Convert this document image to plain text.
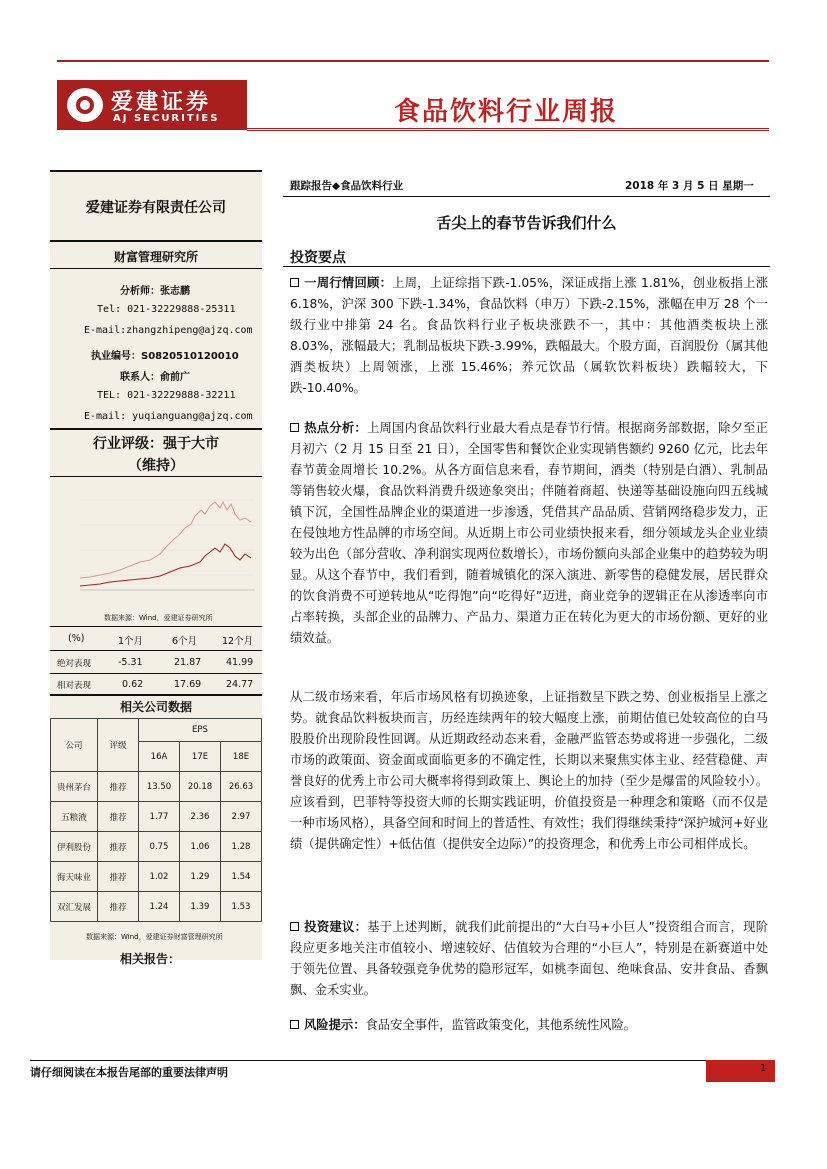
爱建证券
AJ SECURITIES	食品饮料行业周报
爱建证券有限责任公司
财富管理研究所
分析师：张志鹏
Tel: 021-32229888-25311
E-mail:zhangzhipeng@ajzq.com
执业编号：S0820510120010
联系人：俞前广
TEL: 021-32229888-32211
E-mail: yuqianguang@ajzq.com
行业评级：强于大市
（维持）
数据来源：Wind，爱建证券研究所
(%)	1个月	6个月	12个月
绝对表现	-5.31	21.87	41.99
相对表现	0.62	17.69	24.77
相关公司数据
公司	评级	EPS		
		16A	17E	18E
贵州茅台	推荐	13.50	20.18	26.63
五粮液	推荐	1.77	2.36	2.97
伊利股份	推荐	0.75	1.06	1.28
海天味业	推荐	1.02	1.29	1.54
双汇发展	推荐	1.24	1.39	1.53
数据来源：Wind，爱建证券财富管理研究所
相关报告：
跟踪报告◆食品饮料行业	2018 年 3 月 5 日 星期一
舌尖上的春节告诉我们什么
投资要点
一周行情回顾：上周，上证综指下跌-1.05%，深证成指上涨 1.81%，创业板指上涨 6.18%，沪深 300 下跌-1.34%，食品饮料（申万）下跌-2.15%，涨幅在申万 28 个一级行业中排第 24 名。食品饮料行业子板块涨跌不一，其中：其他酒类板块上涨 8.03%，涨幅最大；乳制品板块下跌-3.99%，跌幅最大。个股方面，百润股份（属其他酒类板块）上周领涨，上涨 15.46%；养元饮品（属软饮料板块）跌幅较大，下跌-10.40%。
热点分析：上周国内食品饮料行业最大看点是春节行情。根据商务部数据，除夕至正月初六（2 月 15 日至 21 日），全国零售和餐饮企业实现销售额约 9260 亿元，比去年春节黄金周增长 10.2%。从各方面信息来看，春节期间，酒类（特别是白酒）、乳制品等销售较火爆，食品饮料消费升级迹象突出；伴随着商超、快递等基础设施向四五线城镇下沉，全国性品牌企业的渠道进一步渗透，凭借其产品品质、营销网络稳步发力，正在侵蚀地方性品牌的市场空间。从近期上市公司业绩快报来看，细分领域龙头企业业绩较为出色（部分营收、净利润实现两位数增长），市场份额向头部企业集中的趋势较为明显。从这个春节中，我们看到，随着城镇化的深入演进、新零售的稳健发展，居民群众的饮食消费不可逆转地从“吃得饱”向“吃得好”迈进，商业竞争的逻辑正在从渗透率向市占率转换，头部企业的品牌力、产品力、渠道力正在转化为更大的市场份额、更好的业绩效益。
从二级市场来看，年后市场风格有切换迹象，上证指数呈下跌之势、创业板指呈上涨之势。就食品饮料板块而言，历经连续两年的较大幅度上涨，前期估值已处较高位的白马股股价出现阶段性回调。从近期政经动态来看，金融严监管态势或将进一步强化，二级市场的政策面、资金面或面临更多的不确定性，长期以来聚焦实体主业、经营稳健、声誉良好的优秀上市公司大概率将得到政策上、舆论上的加持（至少是爆雷的风险较小）。应该看到，巴菲特等投资大师的长期实践证明，价值投资是一种理念和策略（而不仅是一种市场风格），具备空间和时间上的普适性、有效性；我们得继续秉持“深护城河+好业绩（提供确定性）+低估值（提供安全边际）”的投资理念，和优秀上市公司相伴成长。
投资建议：基于上述判断，就我们此前提出的“大白马+小巨人”投资组合而言，现阶段应更多地关注市值较小、增速较好、估值较为合理的“小巨人”，特别是在新赛道中处于领先位置、具备较强竞争优势的隐形冠军，如桃李面包、绝味食品、安井食品、香飘飘、金禾实业。
风险提示：食品安全事件，监管政策变化，其他系统性风险。
请仔细阅读在本报告尾部的重要法律声明	1
